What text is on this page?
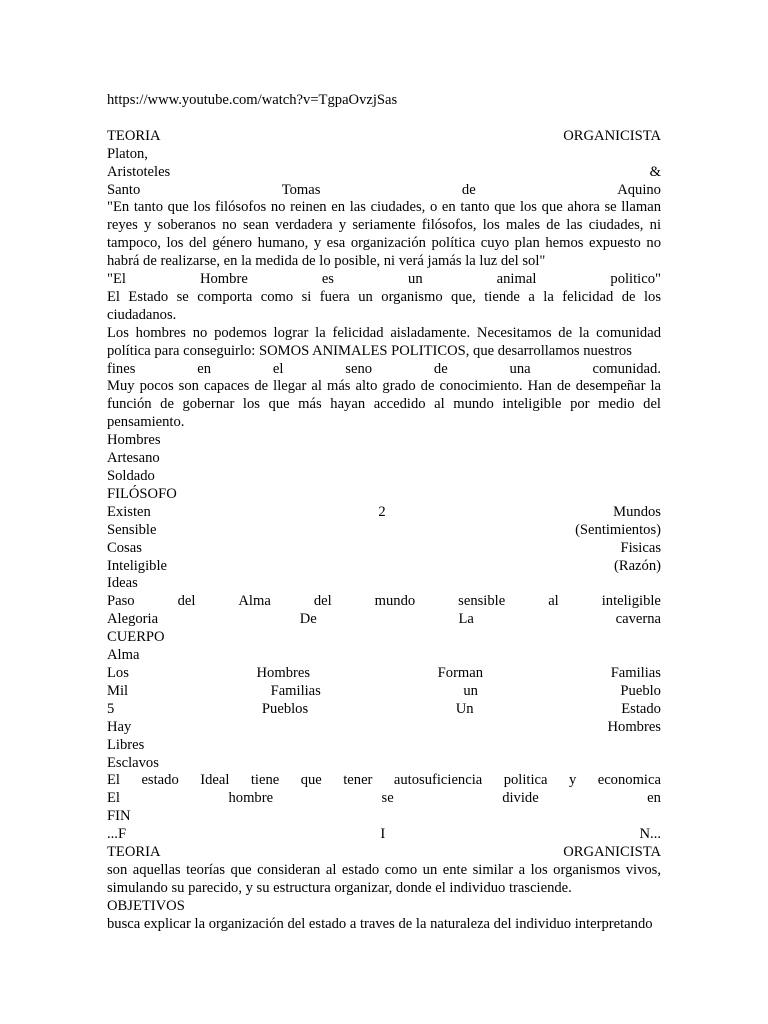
https://www.youtube.com/watch?v=TgpaOvzjSas
TEORIA	ORGANICISTA
Platon,
Aristoteles	&
Santo	Tomas	de	Aquino
"En tanto que los filósofos no reinen en las ciudades, o en tanto que los que ahora se llaman reyes y soberanos no sean verdadera y seriamente filósofos, los males de las ciudades, ni tampoco, los del género humano, y esa organización política cuyo plan hemos expuesto no habrá de realizarse, en la medida de lo posible, ni verá jamás la luz del sol"
"El	Hombre	es	un	animal	politico"
El Estado se comporta como si fuera un organismo que, tiende a la felicidad de los ciudadanos.
Los hombres no podemos lograr la felicidad aisladamente. Necesitamos de la comunidad política para conseguirlo: SOMOS ANIMALES POLITICOS, que desarrollamos nuestros
fines	en	el	seno	de	una	comunidad.
Muy pocos son capaces de llegar al más alto grado de conocimiento. Han de desempeñar la función de gobernar los que más hayan accedido al mundo inteligible por medio del pensamiento.
Hombres
Artesano
Soldado
FILÓSOFO
Existen	2	Mundos
Sensible	(Sentimientos)
Cosas	Fisicas
Inteligible	(Razón)
Ideas
Paso	del	Alma	del	mundo	sensible	al	inteligible
Alegoria	De	La	caverna
CUERPO
Alma
Los	Hombres	Forman	Familias
Mil	Familias	un	Pueblo
5	Pueblos	Un	Estado
Hay	Hombres
Libres
Esclavos
El estado Ideal tiene que tener autosuficiencia politica y economica
El	hombre	se	divide	en
FIN
...F	I	N...
TEORIA	ORGANICISTA
son aquellas teorías que consideran al estado como un ente similar a los organismos vivos, simulando su parecido, y su estructura organizar, donde el individuo trasciende.
OBJETIVOS
busca explicar la organización del estado a traves de la naturaleza del individuo interpretando
